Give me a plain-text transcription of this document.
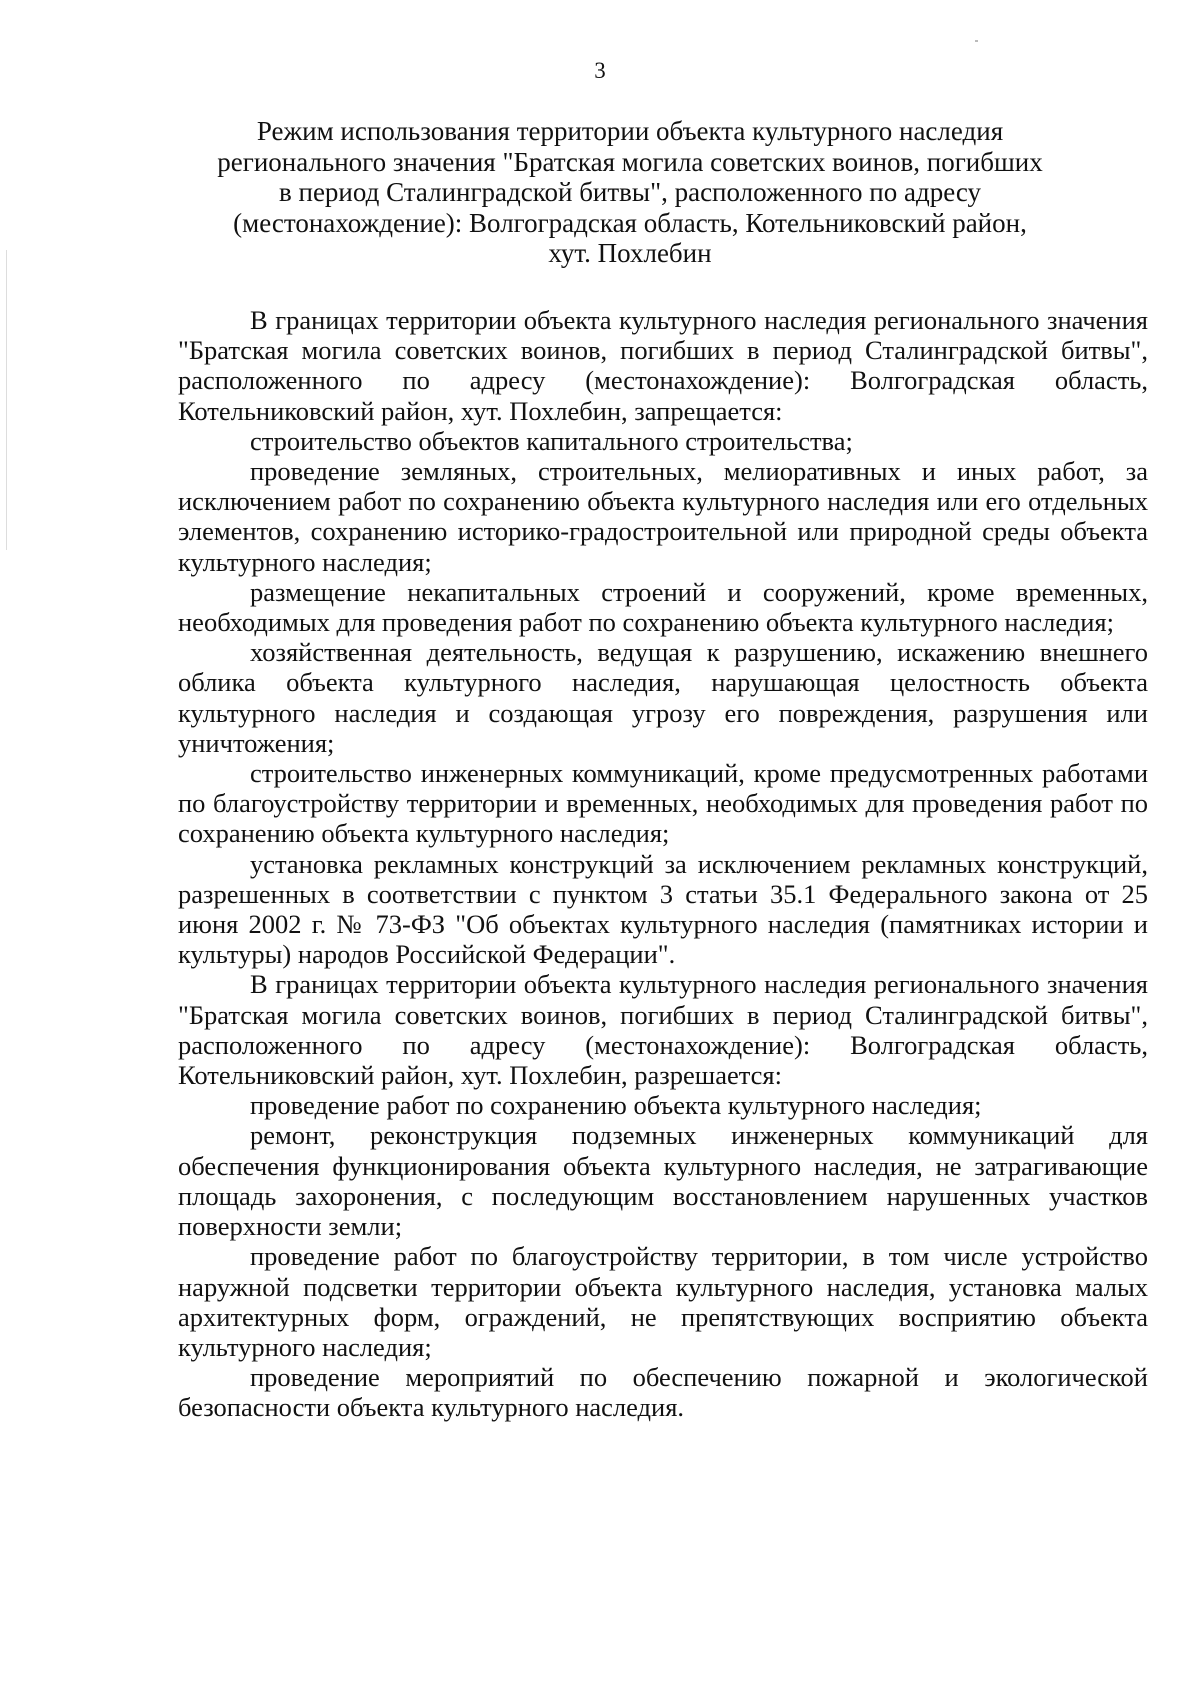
3

Режим использования территории объекта культурного наследия

регионального значения "Братская могила советских воинов, погибших

в период Сталинградской битвы", расположенного по адресу

(местонахождение): Волгоградская область, Котельниковский район,

хут. Похлебин

В границах территории объекта культурного наследия регионального значения "Братская могила советских воинов, погибших в период Сталинградской битвы", расположенного по адресу (местонахождение): Волгоградская область, Котельниковский район, хут. Похлебин, запрещается:

строительство объектов капитального строительства;

проведение земляных, строительных, мелиоративных и иных работ, за исключением работ по сохранению объекта культурного наследия или его отдельных элементов, сохранению историко-градостроительной или природной среды объекта культурного наследия;

размещение некапитальных строений и сооружений, кроме временных, необходимых для проведения работ по сохранению объекта культурного наследия;

хозяйственная деятельность, ведущая к разрушению, искажению внешнего облика объекта культурного наследия, нарушающая целостность объекта культурного наследия и создающая угрозу его повреждения, разрушения или уничтожения;

строительство инженерных коммуникаций, кроме предусмотренных работами по благоустройству территории и временных, необходимых для проведения работ по сохранению объекта культурного наследия;

установка рекламных конструкций за исключением рекламных конструкций, разрешенных в соответствии с пунктом 3 статьи 35.1 Федерального закона от 25 июня 2002 г. № 73-ФЗ "Об объектах культурного наследия (памятниках истории и культуры) народов Российской Федерации".

В границах территории объекта культурного наследия регионального значения "Братская могила советских воинов, погибших в период Сталинградской битвы", расположенного по адресу (местонахождение): Волгоградская область, Котельниковский район, хут. Похлебин, разрешается:

проведение работ по сохранению объекта культурного наследия;

ремонт, реконструкция подземных инженерных коммуникаций для обеспечения функционирования объекта культурного наследия, не затрагивающие площадь захоронения, с последующим восстановлением нарушенных участков поверхности земли;

проведение работ по благоустройству территории, в том числе устройство наружной подсветки территории объекта культурного наследия, установка малых архитектурных форм, ограждений, не препятствующих восприятию объекта культурного наследия;

проведение мероприятий по обеспечению пожарной и экологической безопасности объекта культурного наследия.
